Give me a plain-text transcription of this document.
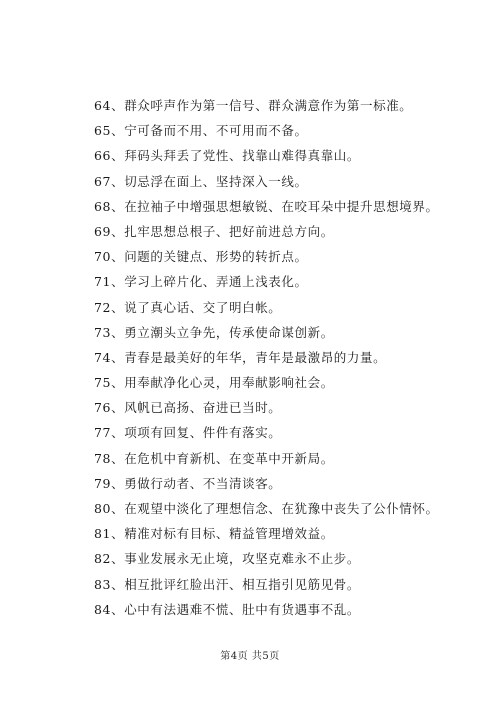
64、群众呼声作为第一信号、群众满意作为第一标准。
65、宁可备而不用、不可用而不备。
66、拜码头拜丢了党性、找靠山难得真靠山。
67、切忌浮在面上、坚持深入一线。
68、在拉袖子中增强思想敏锐、在咬耳朵中提升思想境界。
69、扎牢思想总根子、把好前进总方向。
70、问题的关键点、形势的转折点。
71、学习上碎片化、弄通上浅表化。
72、说了真心话、交了明白帐。
73、勇立潮头立争先，传承使命谋创新。
74、青春是最美好的年华，青年是最激昂的力量。
75、用奉献净化心灵，用奉献影响社会。
76、风帆已高扬、奋进已当时。
77、项项有回复、件件有落实。
78、在危机中育新机、在变革中开新局。
79、勇做行动者、不当清谈客。
80、在观望中淡化了理想信念、在犹豫中丧失了公仆情怀。
81、精准对标有目标、精益管理增效益。
82、事业发展永无止境，攻坚克难永不止步。
83、相互批评红脸出汗、相互指引见筋见骨。
84、心中有法遇难不慌、肚中有货遇事不乱。
第4页 共5页
